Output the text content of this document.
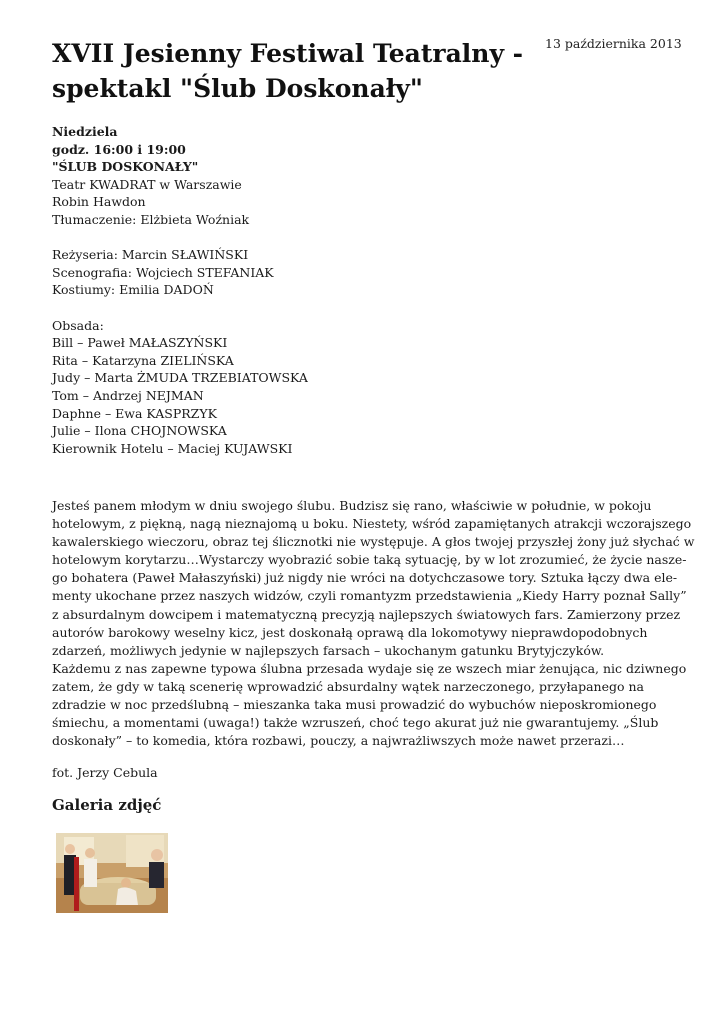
XVII Jesienny Festiwal Teatralny - spektakl "Ślub Doskonały"
13 października 2013
Niedziela
godz. 16:00 i 19:00
"ŚLUB DOSKONAŁY"
Teatr KWADRAT w Warszawie
Robin Hawdon
Tłumaczenie: Elżbieta Woźniak
Reżyseria: Marcin SŁAWIŃSKI
Scenografia: Wojciech STEFANIAK
Kostiumy: Emilia DADOŃ
Obsada:
Bill – Paweł MAŁASZYŃSKI
Rita – Katarzyna ZIELIŃSKA
Judy – Marta ŻMUDA TRZEBIATOWSKA
Tom – Andrzej NEJMAN
Daphne – Ewa KASPRZYK
Julie – Ilona CHOJNOWSKA
Kierownik Hotelu – Maciej KUJAWSKI

Jesteś panem młodym w dniu swojego ślubu. Budzisz się rano, właściwie w południe, w pokoju

hotelowym, z piękną, nagą nieznajomą u boku. Niestety, wśród zapamiętanych atrakcji wczorajszego

kawalerskiego wieczoru, obraz tej ślicznotki nie występuje. A głos twojej przyszłej żony już słychać w

hotelowym korytarzu…Wystarczy wyobrazić sobie taką sytuację, by w lot zrozumieć, że życie nasze-

go bohatera (Paweł Małaszyński) już nigdy nie wróci na dotychczasowe tory. Sztuka łączy dwa ele-

menty ukochane przez naszych widzów, czyli romantyzm przedstawienia „Kiedy Harry poznał Sally”

z absurdalnym dowcipem i matematyczną precyzją najlepszych światowych fars. Zamierzony przez

autorów barokowy weselny kicz, jest doskonałą oprawą dla lokomotywy nieprawdopodobnych

zdarzeń, możliwych jedynie w najlepszych farsach – ukochanym gatunku Brytyjczyków.

Każdemu z nas zapewne typowa ślubna przesada wydaje się ze wszech miar żenująca, nic dziwnego

zatem, że gdy w taką scenerię wprowadzić absurdalny wątek narzeczonego, przyłapanego na

zdradzie w noc przedślubną – mieszanka taka musi prowadzić do wybuchów nieposkromionego

śmiechu, a momentami (uwaga!) także wzruszeń, choć tego akurat już nie gwarantujemy. „Ślub

doskonały” – to komedia, która rozbawi, pouczy, a najwrażliwszych może nawet przerazi…

fot. Jerzy Cebula
Galeria zdjęć
